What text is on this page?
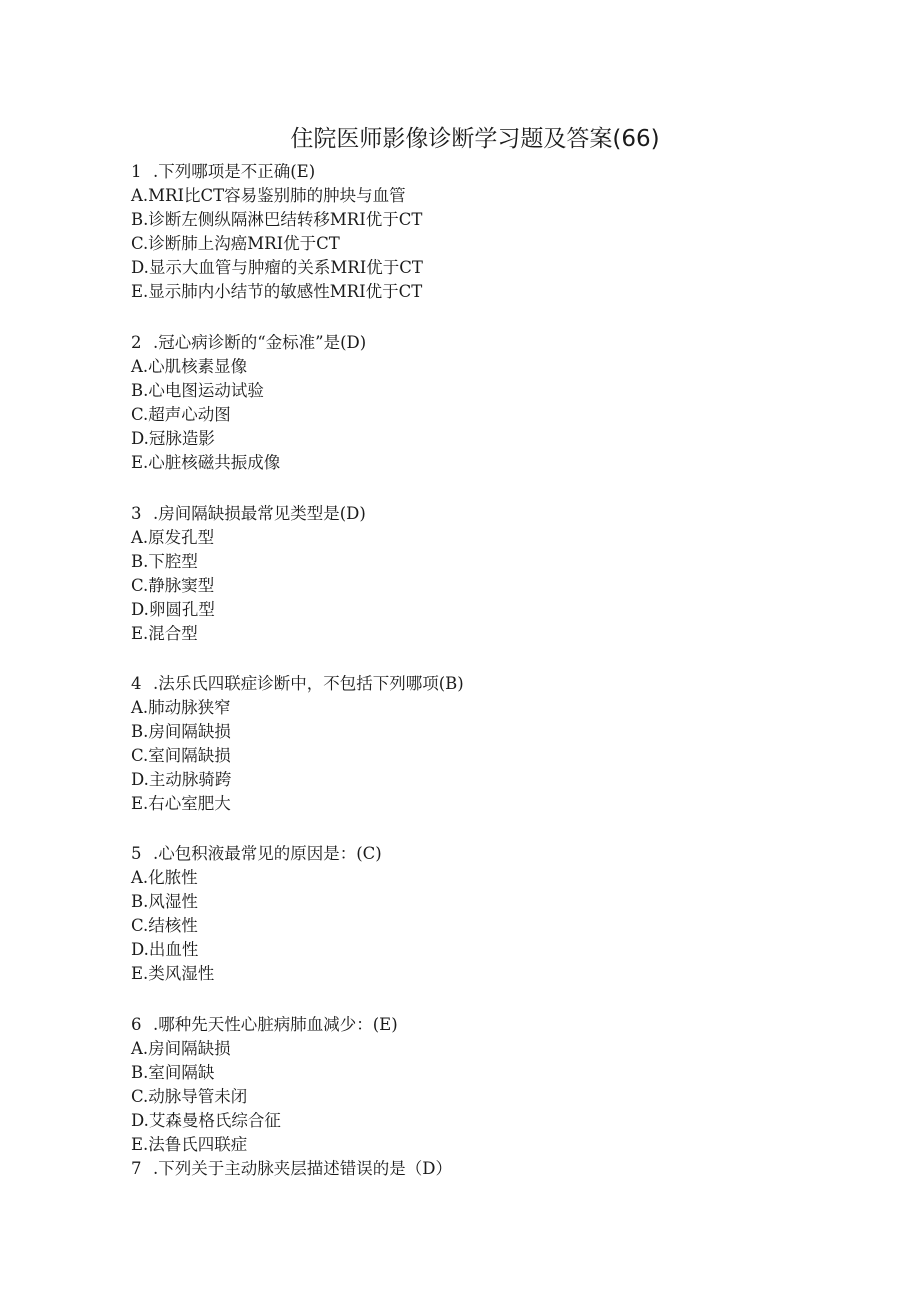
住院医师影像诊断学习题及答案(66)
1 .下列哪项是不正确(E)
A.MRI比CT容易鉴别肺的肿块与血管
B.诊断左侧纵隔淋巴结转移MRI优于CT
C.诊断肺上沟癌MRI优于CT
D.显示大血管与肿瘤的关系MRI优于CT
E.显示肺内小结节的敏感性MRI优于CT
2 .冠心病诊断的“金标准”是(D)
A.心肌核素显像
B.心电图运动试验
C.超声心动图
D.冠脉造影
E.心脏核磁共振成像
3 .房间隔缺损最常见类型是(D)
A.原发孔型
B.下腔型
C.静脉窦型
D.卵圆孔型
E.混合型
4 .法乐氏四联症诊断中，不包括下列哪项(B)
A.肺动脉狭窄
B.房间隔缺损
C.室间隔缺损
D.主动脉骑跨
E.右心室肥大
5 .心包积液最常见的原因是：(C)
A.化脓性
B.风湿性
C.结核性
D.出血性
E.类风湿性
6 .哪种先天性心脏病肺血减少：(E)
A.房间隔缺损
B.室间隔缺
C.动脉导管未闭
D.艾森曼格氏综合征
E.法鲁氏四联症
7 .下列关于主动脉夹层描述错误的是（D）
